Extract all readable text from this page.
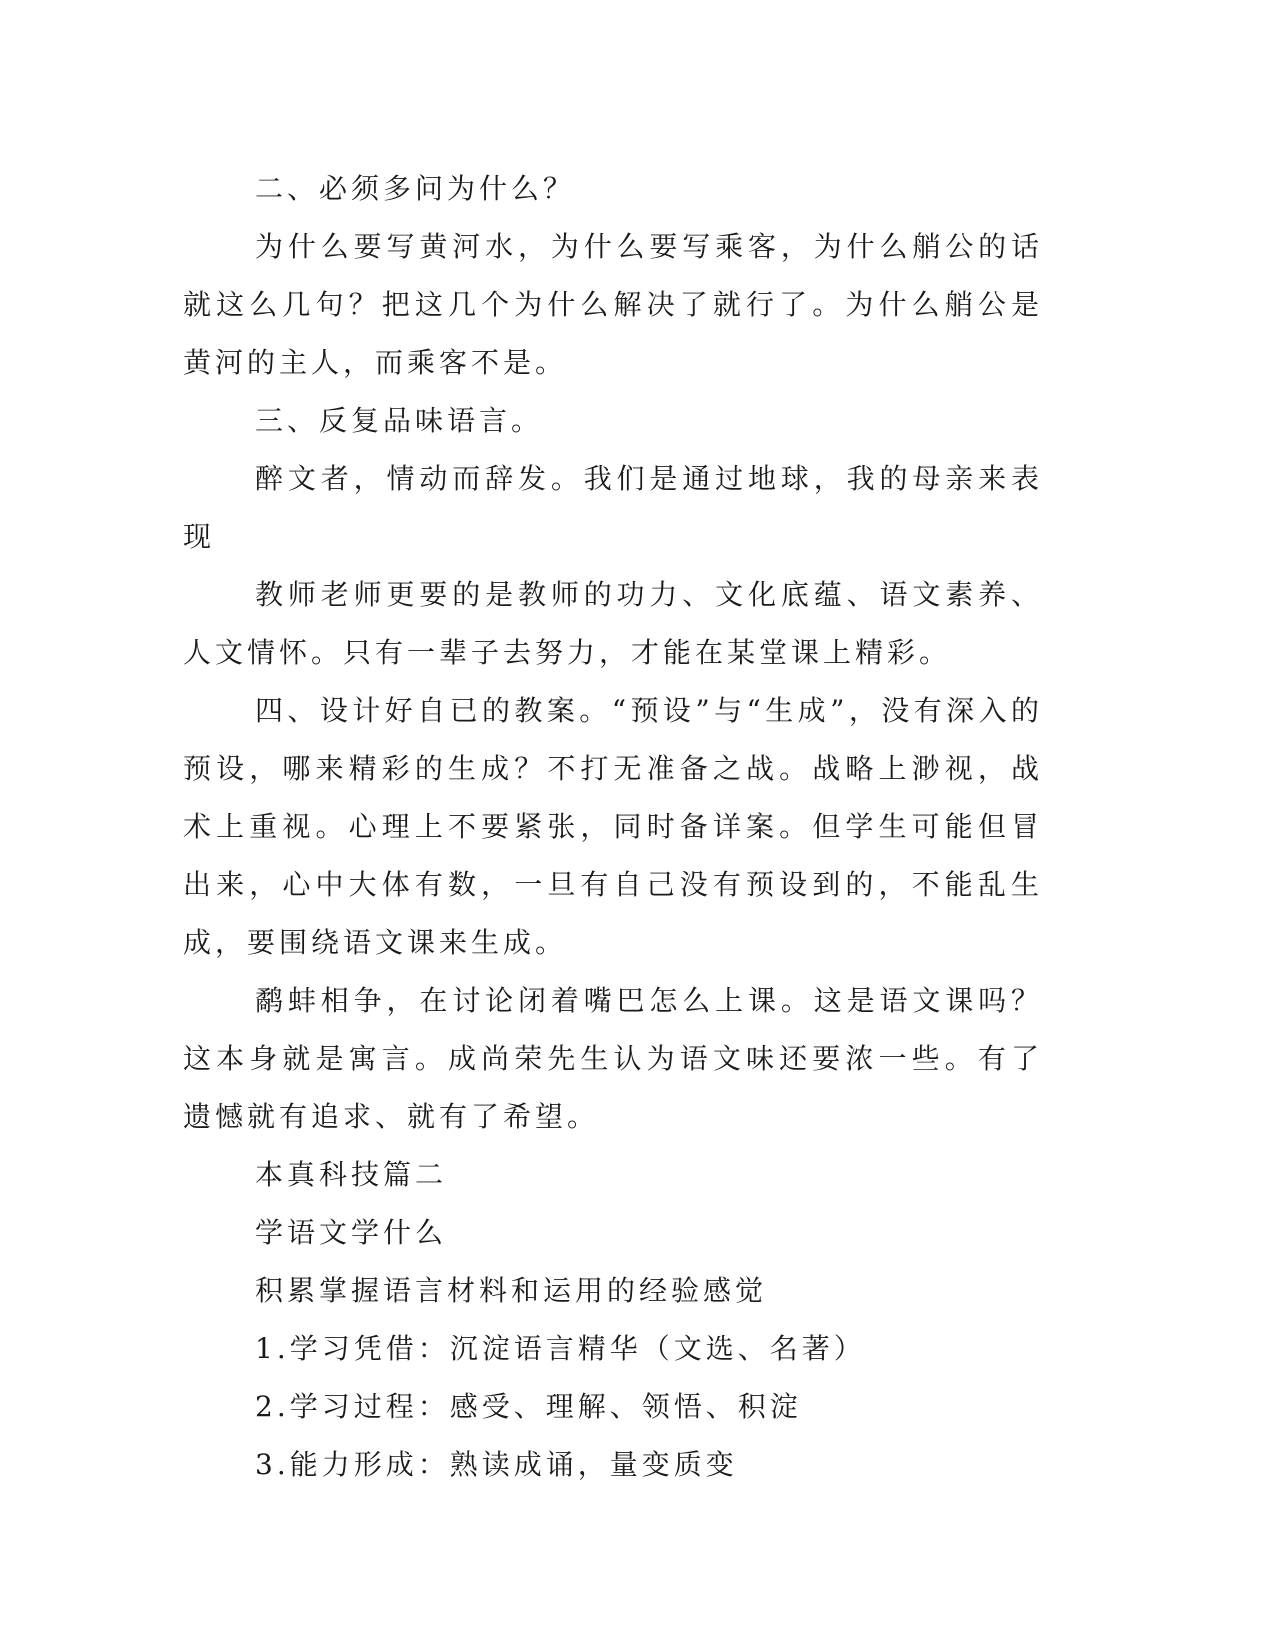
二、必须多问为什么？

为什么要写黄河水，为什么要写乘客，为什么艄公的话就这么几句？把这几个为什么解决了就行了。为什么艄公是黄河的主人，而乘客不是。

三、反复品味语言。

醉文者，情动而辞发。我们是通过地球，我的母亲来表现

教师老师更要的是教师的功力、文化底蕴、语文素养、人文情怀。只有一辈子去努力，才能在某堂课上精彩。

四、设计好自已的教案。“预设”与“生成”，没有深入的预设，哪来精彩的生成？不打无准备之战。战略上渺视，战术上重视。心理上不要紧张，同时备详案。但学生可能但冒出来，心中大体有数，一旦有自己没有预设到的，不能乱生成，要围绕语文课来生成。

鹬蚌相争，在讨论闭着嘴巴怎么上课。这是语文课吗？这本身就是寓言。成尚荣先生认为语文味还要浓一些。有了遗憾就有追求、就有了希望。

本真科技篇二

学语文学什么

积累掌握语言材料和运用的经验感觉

1.学习凭借：沉淀语言精华（文选、名著）

2.学习过程：感受、理解、领悟、积淀

3.能力形成：熟读成诵，量变质变
